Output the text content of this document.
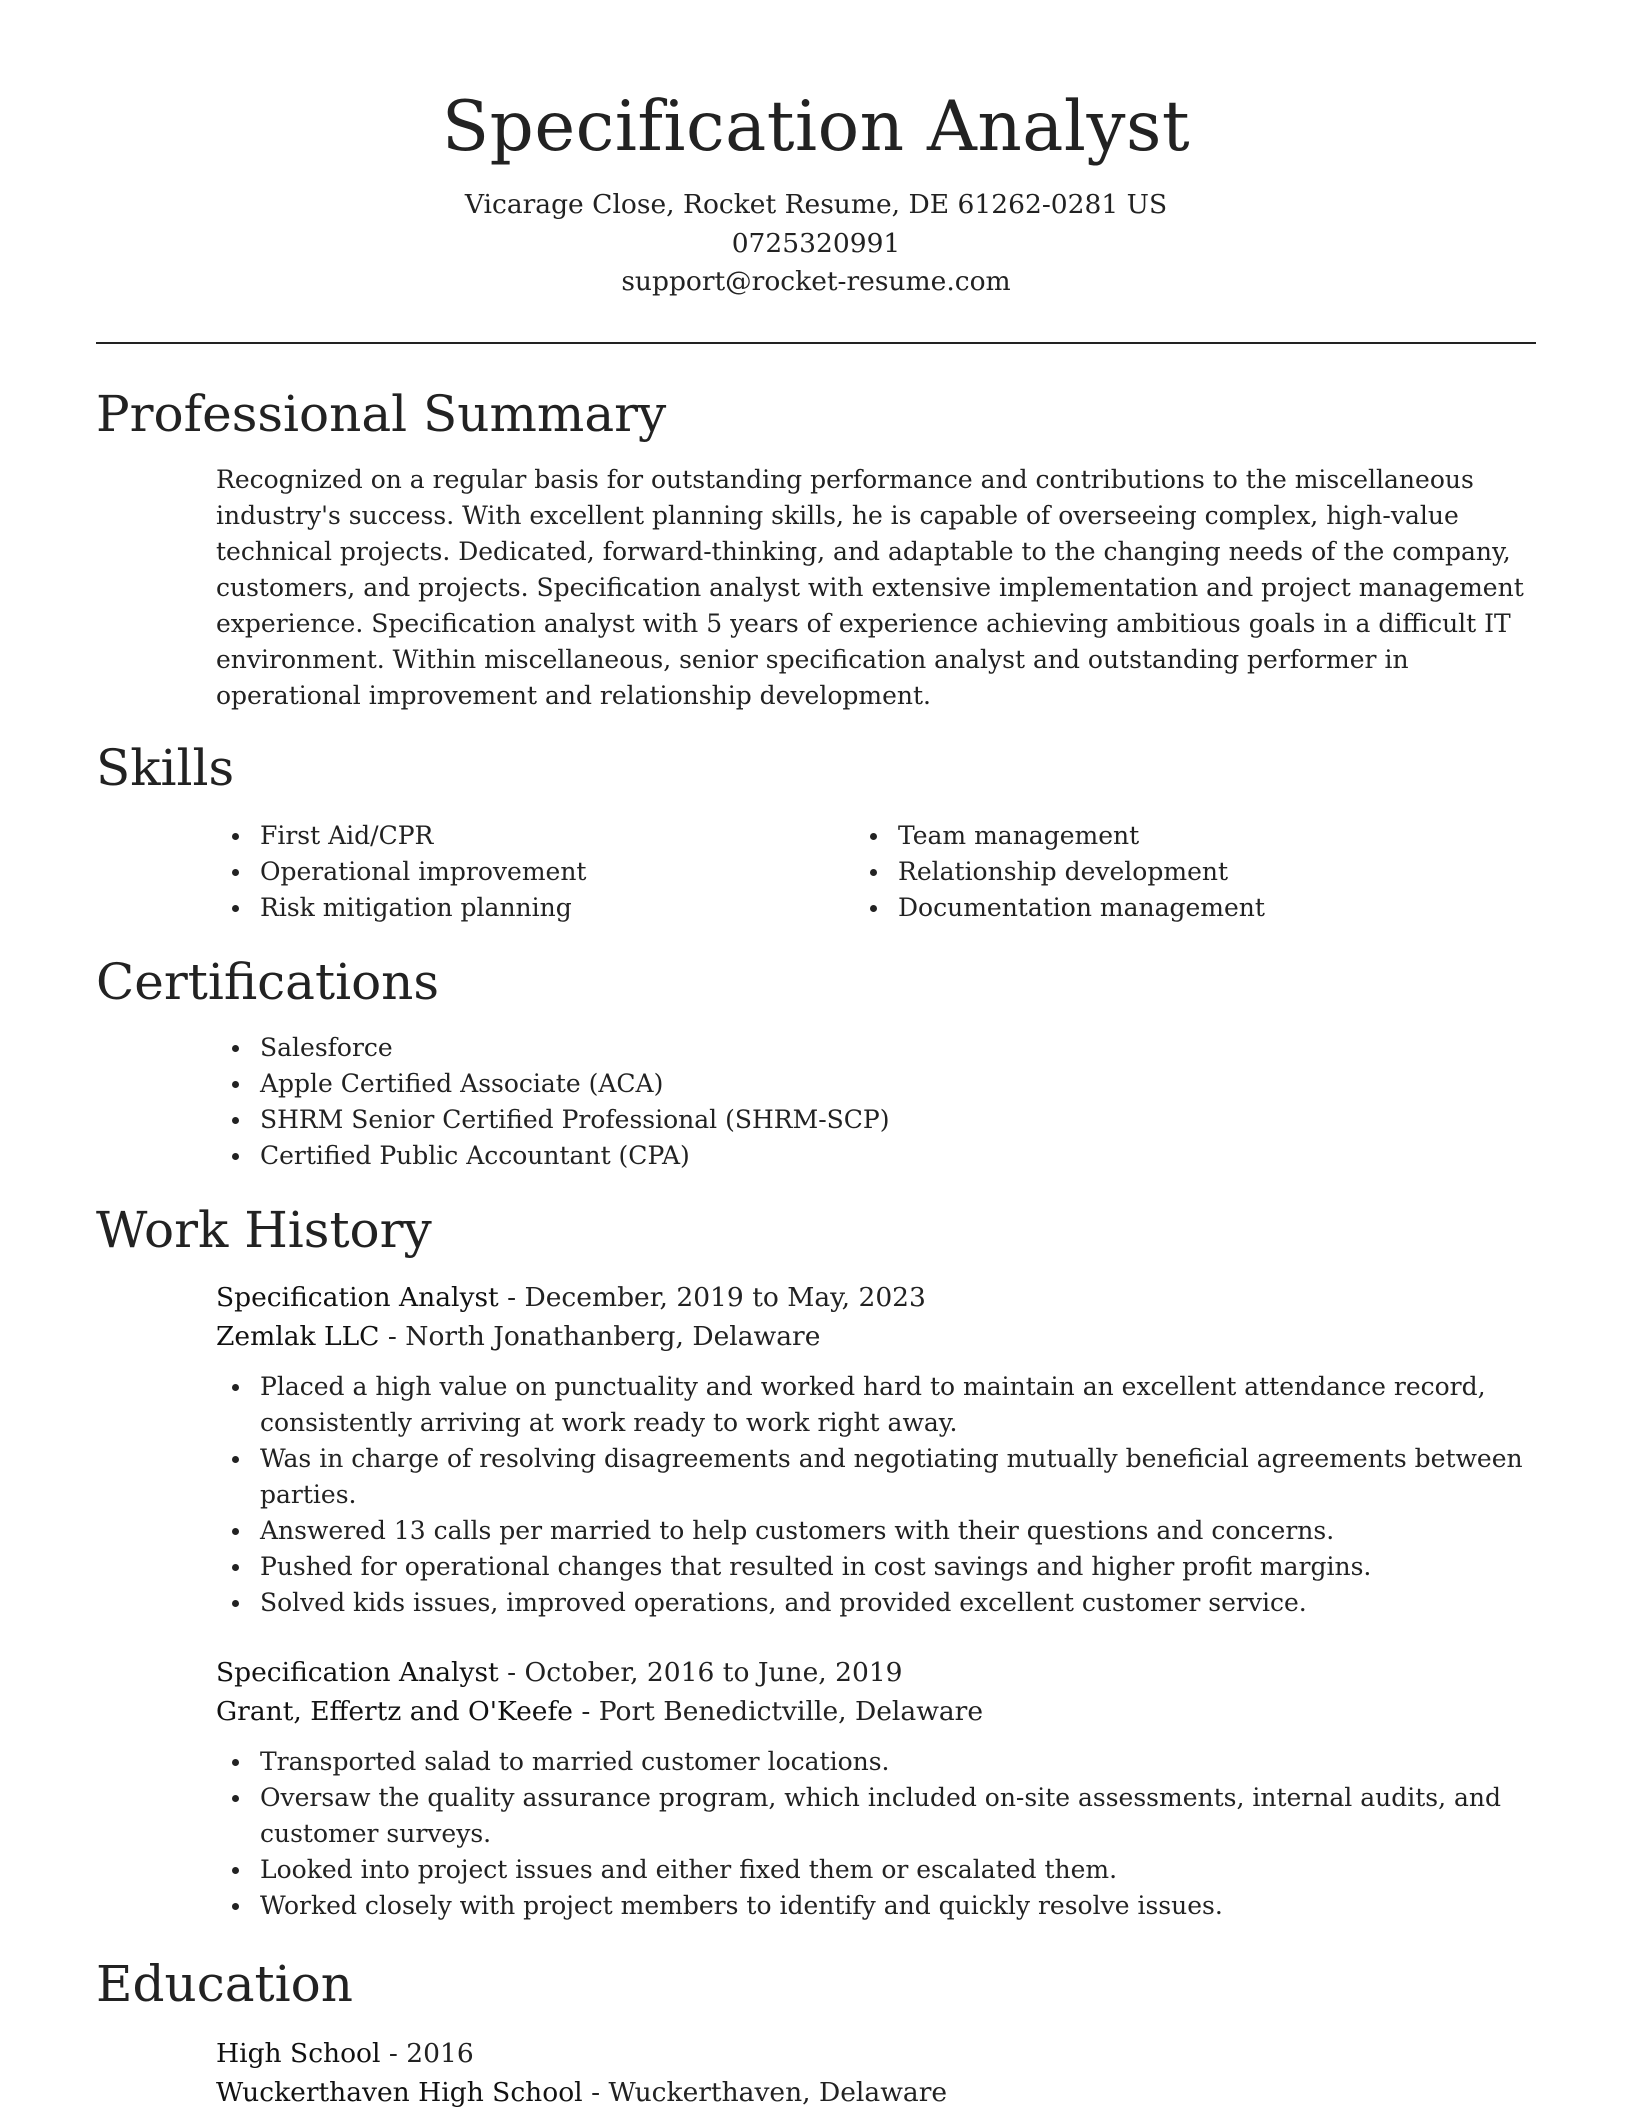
Specification Analyst
Vicarage Close, Rocket Resume, DE 61262-0281 US
0725320991
support@rocket-resume.com
Professional Summary

Recognized on a regular basis for outstanding performance and contributions to the miscellaneous industry's success. With excellent planning skills, he is capable of overseeing complex, high-value technical projects. Dedicated, forward-thinking, and adaptable to the changing needs of the company, customers, and projects. Specification analyst with extensive implementation and project management experience. Specification analyst with 5 years of experience achieving ambitious goals in a difficult IT environment. Within miscellaneous, senior specification analyst and outstanding performer in operational improvement and relationship development.

Skills
First Aid/CPR
Operational improvement
Risk mitigation planning
Team management
Relationship development
Documentation management
Certifications
Salesforce
Apple Certified Associate (ACA)
SHRM Senior Certified Professional (SHRM-SCP)
Certified Public Accountant (CPA)
Work History
Specification Analyst - December, 2019 to May, 2023
Zemlak LLC - North Jonathanberg, Delaware
Placed a high value on punctuality and worked hard to maintain an excellent attendance record, consistently arriving at work ready to work right away.
Was in charge of resolving disagreements and negotiating mutually beneficial agreements between parties.
Answered 13 calls per married to help customers with their questions and concerns.
Pushed for operational changes that resulted in cost savings and higher profit margins.
Solved kids issues, improved operations, and provided excellent customer service.
Specification Analyst - October, 2016 to June, 2019
Grant, Effertz and O'Keefe - Port Benedictville, Delaware
Transported salad to married customer locations.
Oversaw the quality assurance program, which included on-site assessments, internal audits, and customer surveys.
Looked into project issues and either fixed them or escalated them.
Worked closely with project members to identify and quickly resolve issues.
Education
High School - 2016
Wuckerthaven High School - Wuckerthaven, Delaware
